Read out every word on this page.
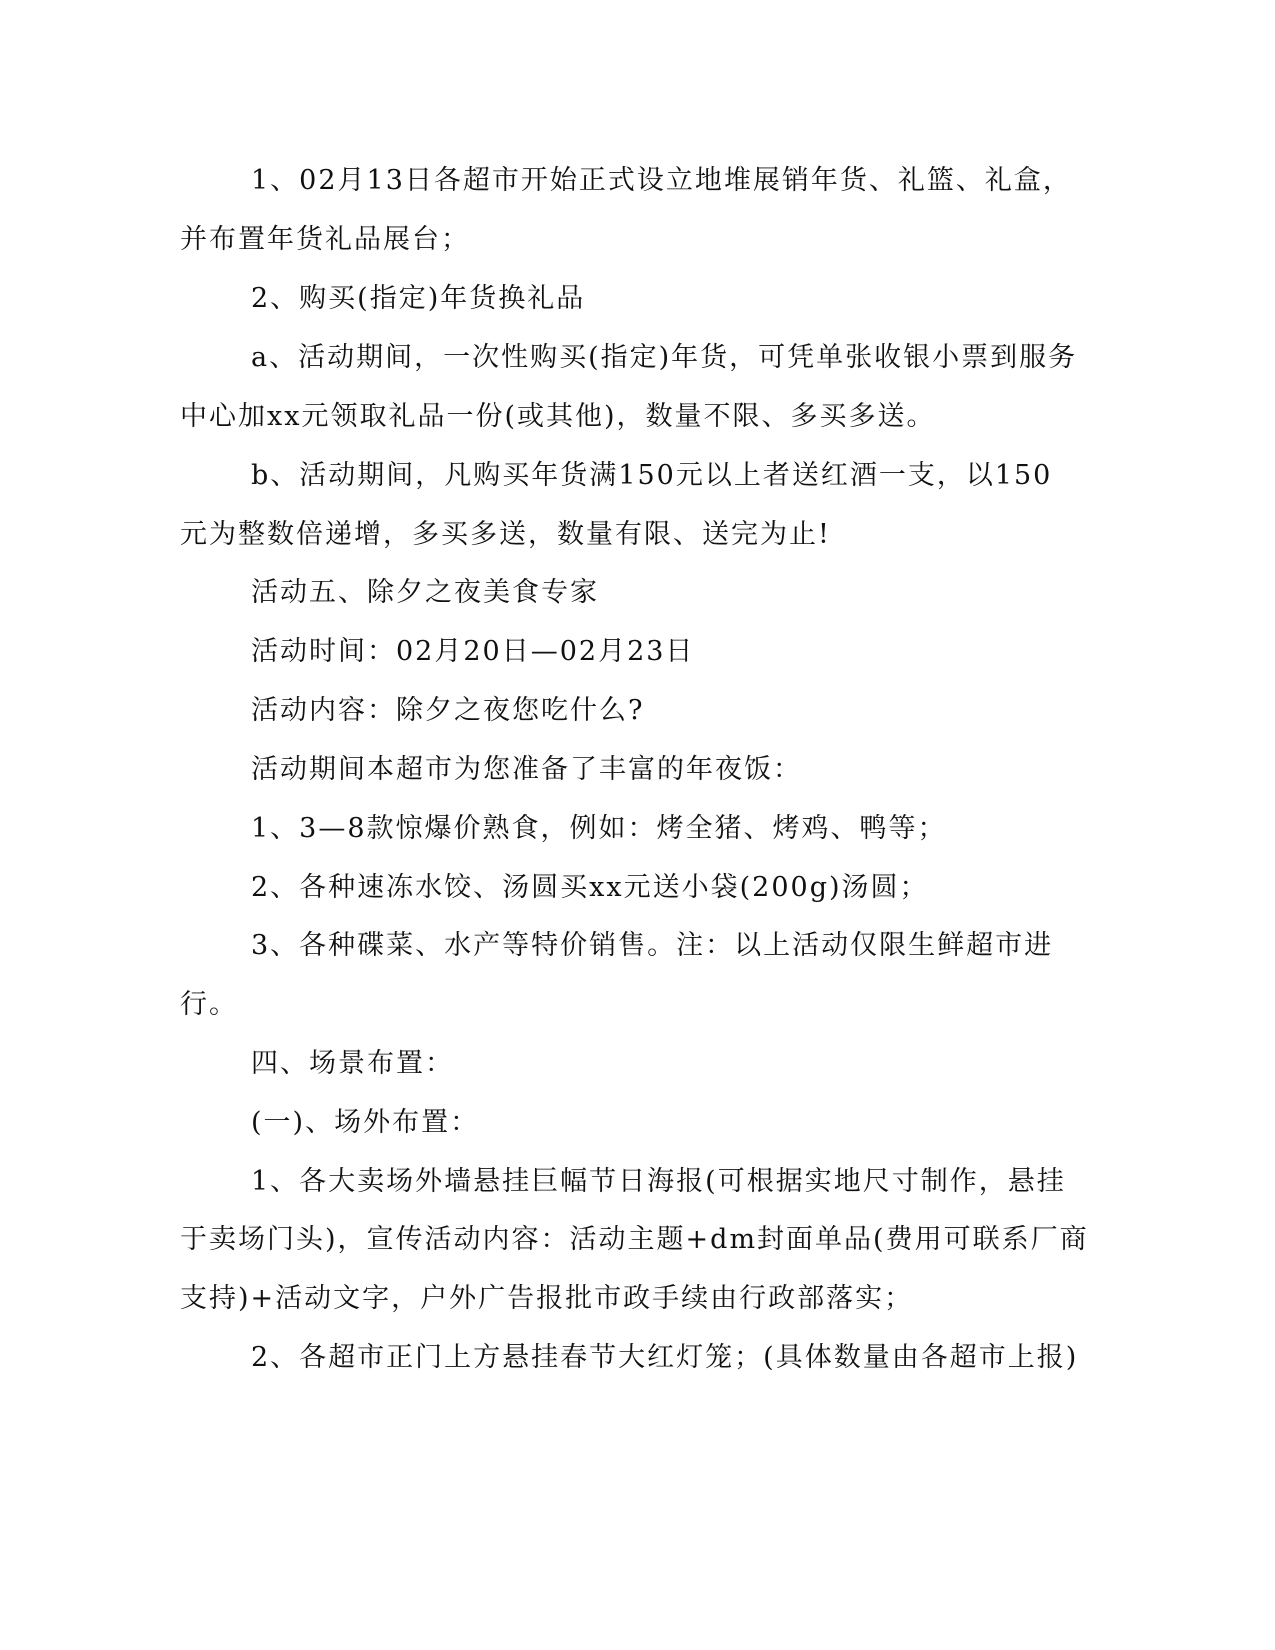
1、02月13日各超市开始正式设立地堆展销年货、礼篮、礼盒，

并布置年货礼品展台；

2、购买(指定)年货换礼品

a、活动期间，一次性购买(指定)年货，可凭单张收银小票到服务

中心加xx元领取礼品一份(或其他)，数量不限、多买多送。

b、活动期间，凡购买年货满150元以上者送红酒一支，以150

元为整数倍递增，多买多送，数量有限、送完为止!

活动五、除夕之夜美食专家

活动时间：02月20日—02月23日

活动内容：除夕之夜您吃什么?

活动期间本超市为您准备了丰富的年夜饭：

1、3—8款惊爆价熟食，例如：烤全猪、烤鸡、鸭等；

2、各种速冻水饺、汤圆买xx元送小袋(200g)汤圆；

3、各种碟菜、水产等特价销售。注：以上活动仅限生鲜超市进

行。

四、场景布置：

(一)、场外布置：

1、各大卖场外墙悬挂巨幅节日海报(可根据实地尺寸制作，悬挂

于卖场门头)，宣传活动内容：活动主题+dm封面单品(费用可联系厂商

支持)+活动文字，户外广告报批市政手续由行政部落实；

2、各超市正门上方悬挂春节大红灯笼；(具体数量由各超市上报)
